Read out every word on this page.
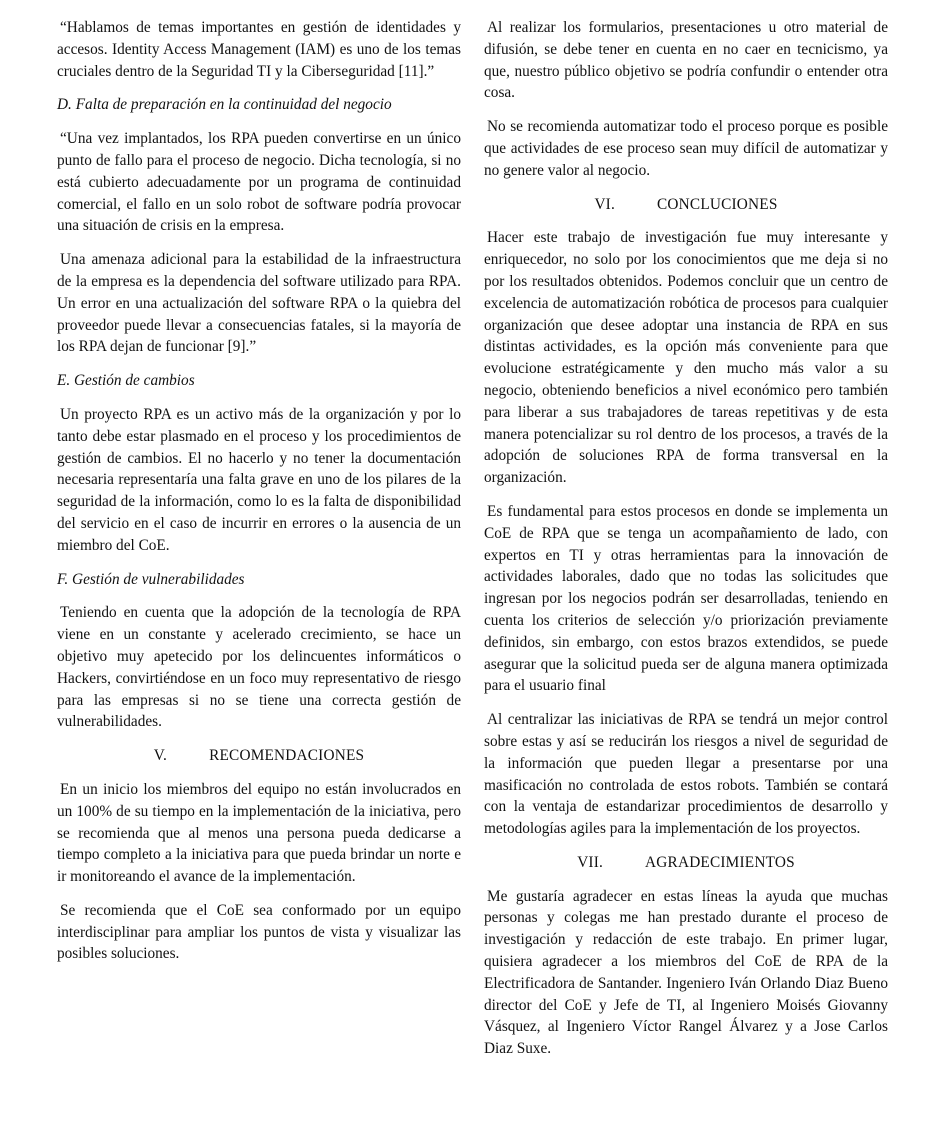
“Hablamos de temas importantes en gestión de identidades y accesos. Identity Access Management (IAM) es uno de los temas cruciales dentro de la Seguridad TI y la Ciberseguridad [11].”

D. Falta de preparación en la continuidad del negocio

“Una vez implantados, los RPA pueden convertirse en un único punto de fallo para el proceso de negocio. Dicha tecnología, si no está cubierto adecuadamente por un programa de continuidad comercial, el fallo en un solo robot de software podría provocar una situación de crisis en la empresa.

Una amenaza adicional para la estabilidad de la infraestructura de la empresa es la dependencia del software utilizado para RPA. Un error en una actualización del software RPA o la quiebra del proveedor puede llevar a consecuencias fatales, si la mayoría de los RPA dejan de funcionar [9].”

E. Gestión de cambios

Un proyecto RPA es un activo más de la organización y por lo tanto debe estar plasmado en el proceso y los procedimientos de gestión de cambios. El no hacerlo y no tener la documentación necesaria representaría una falta grave en uno de los pilares de la seguridad de la información, como lo es la falta de disponibilidad del servicio en el caso de incurrir en errores o la ausencia de un miembro del CoE.

F. Gestión de vulnerabilidades

Teniendo en cuenta que la adopción de la tecnología de RPA viene en un constante y acelerado crecimiento, se hace un objetivo muy apetecido por los delincuentes informáticos o Hackers, convirtiéndose en un foco muy representativo de riesgo para las empresas si no se tiene una correcta gestión de vulnerabilidades.

V.	RECOMENDACIONES

En un inicio los miembros del equipo no están involucrados en un 100% de su tiempo en la implementación de la iniciativa, pero se recomienda que al menos una persona pueda dedicarse a tiempo completo a la iniciativa para que pueda brindar un norte e ir monitoreando el avance de la implementación.

Se recomienda que el CoE sea conformado por un equipo interdisciplinar para ampliar los puntos de vista y visualizar las posibles soluciones.

Al realizar los formularios, presentaciones u otro material de difusión, se debe tener en cuenta en no caer en tecnicismo, ya que, nuestro público objetivo se podría confundir o entender otra cosa.

No se recomienda automatizar todo el proceso porque es posible que actividades de ese proceso sean muy difícil de automatizar y no genere valor al negocio.

VI.	CONCLUCIONES

Hacer este trabajo de investigación fue muy interesante y enriquecedor, no solo por los conocimientos que me deja si no por los resultados obtenidos. Podemos concluir que un centro de excelencia de automatización robótica de procesos para cualquier organización que desee adoptar una instancia de RPA en sus distintas actividades, es la opción más conveniente para que evolucione estratégicamente y den mucho más valor a su negocio, obteniendo beneficios a nivel económico pero también para liberar a sus trabajadores de tareas repetitivas y de esta manera potencializar su rol dentro de los procesos, a través de la adopción de soluciones RPA de forma transversal en la organización.

Es fundamental para estos procesos en donde se implementa un CoE de RPA que se tenga un acompañamiento de lado, con expertos en TI y otras herramientas para la innovación de actividades laborales, dado que no todas las solicitudes que ingresan por los negocios podrán ser desarrolladas, teniendo en cuenta los criterios de selección y/o priorización previamente definidos, sin embargo, con estos brazos extendidos, se puede asegurar que la solicitud pueda ser de alguna manera optimizada para el usuario final

Al centralizar las iniciativas de RPA se tendrá un mejor control sobre estas y así se reducirán los riesgos a nivel de seguridad de la información que pueden llegar a presentarse por una masificación no controlada de estos robots. También se contará con la ventaja de estandarizar procedimientos de desarrollo y metodologías agiles para la implementación de los proyectos.

VII.	AGRADECIMIENTOS

Me gustaría agradecer en estas líneas la ayuda que muchas personas y colegas me han prestado durante el proceso de investigación y redacción de este trabajo. En primer lugar, quisiera agradecer a los miembros del CoE de RPA de la Electrificadora de Santander. Ingeniero Iván Orlando Diaz Bueno director del CoE y Jefe de TI, al Ingeniero Moisés Giovanny Vásquez, al Ingeniero Víctor Rangel Álvarez y a Jose Carlos Diaz Suxe.
